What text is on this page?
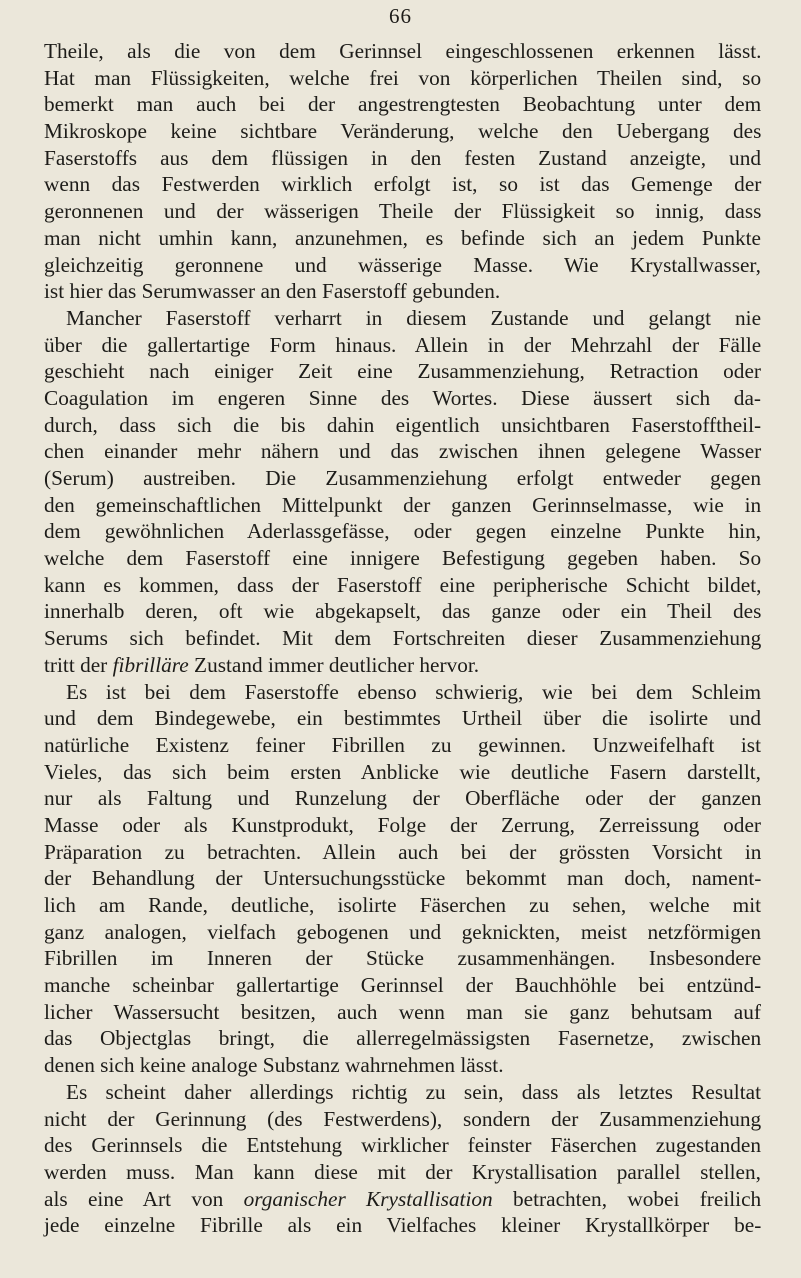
66
Theile, als die von dem Gerinnsel eingeschlossenen erkennen lässt.
Hat man Flüssigkeiten, welche frei von körperlichen Theilen sind, so
bemerkt man auch bei der angestrengtesten Beobachtung unter dem
Mikroskope keine sichtbare Veränderung, welche den Uebergang des
Faserstoffs aus dem flüssigen in den festen Zustand anzeigte, und
wenn das Festwerden wirklich erfolgt ist, so ist das Gemenge der
geronnenen und der wässerigen Theile der Flüssigkeit so innig, dass
man nicht umhin kann, anzunehmen, es befinde sich an jedem Punkte
gleichzeitig geronnene und wässerige Masse. Wie Krystallwasser,
ist hier das Serumwasser an den Faserstoff gebunden.
Mancher Faserstoff verharrt in diesem Zustande und gelangt nie
über die gallertartige Form hinaus. Allein in der Mehrzahl der Fälle
geschieht nach einiger Zeit eine Zusammenziehung, Retraction oder
Coagulation im engeren Sinne des Wortes. Diese äussert sich da-
durch, dass sich die bis dahin eigentlich unsichtbaren Faserstofftheil-
chen einander mehr nähern und das zwischen ihnen gelegene Wasser
(Serum) austreiben. Die Zusammenziehung erfolgt entweder gegen
den gemeinschaftlichen Mittelpunkt der ganzen Gerinnselmasse, wie in
dem gewöhnlichen Aderlassgefässe, oder gegen einzelne Punkte hin,
welche dem Faserstoff eine innigere Befestigung gegeben haben. So
kann es kommen, dass der Faserstoff eine peripherische Schicht bildet,
innerhalb deren, oft wie abgekapselt, das ganze oder ein Theil des
Serums sich befindet. Mit dem Fortschreiten dieser Zusammenziehung
tritt der fibrilläre Zustand immer deutlicher hervor.
Es ist bei dem Faserstoffe ebenso schwierig, wie bei dem Schleim
und dem Bindegewebe, ein bestimmtes Urtheil über die isolirte und
natürliche Existenz feiner Fibrillen zu gewinnen. Unzweifelhaft ist
Vieles, das sich beim ersten Anblicke wie deutliche Fasern darstellt,
nur als Faltung und Runzelung der Oberfläche oder der ganzen
Masse oder als Kunstprodukt, Folge der Zerrung, Zerreissung oder
Präparation zu betrachten. Allein auch bei der grössten Vorsicht in
der Behandlung der Untersuchungsstücke bekommt man doch, nament-
lich am Rande, deutliche, isolirte Fäserchen zu sehen, welche mit
ganz analogen, vielfach gebogenen und geknickten, meist netzförmigen
Fibrillen im Inneren der Stücke zusammenhängen. Insbesondere
manche scheinbar gallertartige Gerinnsel der Bauchhöhle bei entzünd-
licher Wassersucht besitzen, auch wenn man sie ganz behutsam auf
das Objectglas bringt, die allerregelmässigsten Fasernetze, zwischen
denen sich keine analoge Substanz wahrnehmen lässt.
Es scheint daher allerdings richtig zu sein, dass als letztes Resultat
nicht der Gerinnung (des Festwerdens), sondern der Zusammenziehung
des Gerinnsels die Entstehung wirklicher feinster Fäserchen zugestanden
werden muss. Man kann diese mit der Krystallisation parallel stellen,
als eine Art von organischer Krystallisation betrachten, wobei freilich
jede einzelne Fibrille als ein Vielfaches kleiner Krystallkörper be-
